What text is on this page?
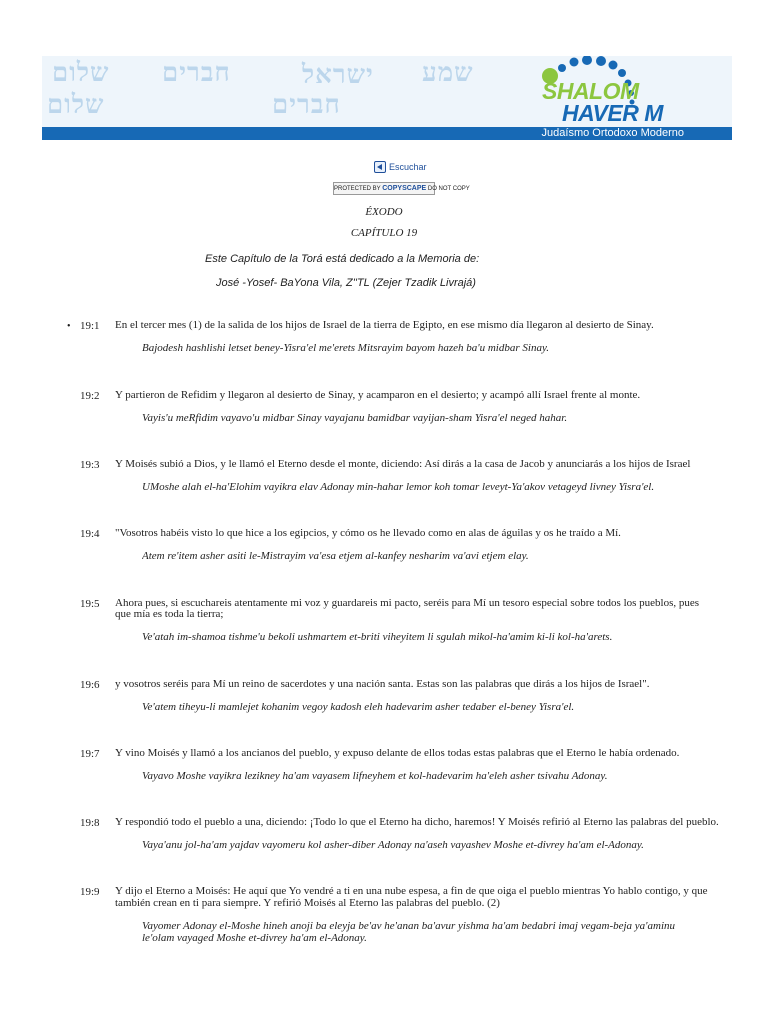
שלום חברים	ישראל שמע
שלום	חברים	SHALOM
HAVER M
Judaísmo Ortodoxo Moderno
Escuchar
PROTECTED BY COPYSCAPE DO NOT COPY
ÉXODO
CAPÍTULO 19
Este Capítulo de la Torá está dedicado a la Memoria de:
José -Yosef- BaYona Vila, Z''TL (Zejer Tzadik Livrajá)
• 19:1 En el tercer mes (1) de la salida de los hijos de Israel de la tierra de Egipto, en ese mismo día llegaron al desierto de Sinay.
Bajodesh hashlishi letset beney-Yisra'el me'erets Mitsrayim bayom hazeh ba'u midbar Sinay.
19:2 Y partieron de Refidim y llegaron al desierto de Sinay, y acamparon en el desierto; y acampó allí Israel frente al monte.
Vayis'u meRfidim vayavo'u midbar Sinay vayajanu bamidbar vayijan-sham Yisra'el neged hahar.
19:3 Y Moisés subió a Dios, y le llamó el Eterno desde el monte, diciendo: Así dirás a la casa de Jacob y anunciarás a los hijos de Israel
UMoshe alah el-ha'Elohim vayikra elav Adonay min-hahar lemor koh tomar leveyt-Ya'akov vetageyd livney Yisra'el.
19:4 "Vosotros habéis visto lo que hice a los egipcios, y cómo os he llevado como en alas de águilas y os he traído a Mí.
Atem re'item asher asiti le-Mistrayim va'esa etjem al-kanfey nesharim va'avi etjem elay.
19:5 Ahora pues, si escuchareis atentamente mi voz y guardareis mi pacto, seréis para Mí un tesoro especial sobre todos los pueblos, pues
que mía es toda la tierra;
Ve'atah im-shamoa tishme'u bekoli ushmartem et-briti viheyitem li sgulah mikol-ha'amim ki-li kol-ha'arets.
19:6 y vosotros seréis para Mí un reino de sacerdotes y una nación santa. Estas son las palabras que dirás a los hijos de Israel".
Ve'atem tiheyu-li mamlejet kohanim vegoy kadosh eleh hadevarim asher tedaber el-beney Yisra'el.
19:7 Y vino Moisés y llamó a los ancianos del pueblo, y expuso delante de ellos todas estas palabras que el Eterno le había ordenado.
Vayavo Moshe vayikra lezikney ha'am vayasem lifneyhem et kol-hadevarim ha'eleh asher tsivahu Adonay.
19:8 Y respondió todo el pueblo a una, diciendo: ¡Todo lo que el Eterno ha dicho, haremos! Y Moisés refirió al Eterno las palabras del pueblo.
Vaya'anu jol-ha'am yajdav vayomeru kol asher-diber Adonay na'aseh vayashev Moshe et-divrey ha'am el-Adonay.
19:9 Y dijo el Eterno a Moisés: He aquí que Yo vendré a ti en una nube espesa, a fin de que oiga el pueblo mientras Yo hablo contigo, y que
también crean en ti para siempre. Y refirió Moisés al Eterno las palabras del pueblo. (2)
Vayomer Adonay el-Moshe hineh anoji ba eleyja be'av he'anan ba'avur yishma ha'am bedabri imaj vegam-beja ya'aminu
le'olam vayaged Moshe et-divrey ha'am el-Adonay.
